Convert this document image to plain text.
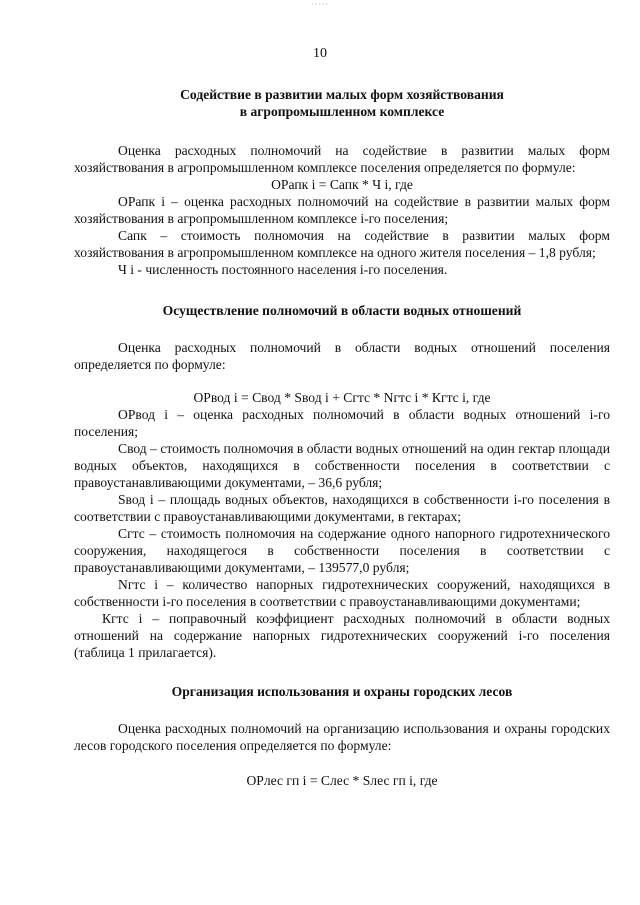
·····
10
Содействие в развитии малых форм хозяйствования
в агропромышленном комплексе

Оценка расходных полномочий на содействие в развитии малых форм хозяйствования в агропромышленном комплексе поселения определяется по формуле:

ОРапк i = Сапк * Ч i, где

ОРапк i – оценка расходных полномочий на содействие в развитии малых форм хозяйствования в агропромышленном комплексе i-го поселения;

Сапк – стоимость полномочия на содействие в развитии малых форм хозяйствования в агропромышленном комплексе на одного жителя поселения – 1,8 рубля;

Ч i - численность постоянного населения i-го поселения.

Осуществление полномочий в области водных отношений

Оценка расходных полномочий в области водных отношений поселения определяется по формуле:

ОРвод i = Свод * Sвод i + Сгтс * Nгтс i * Кгтс i, где

ОРвод i – оценка расходных полномочий в области водных отношений i-го поселения;

Свод – стоимость полномочия в области водных отношений на один гектар площади водных объектов, находящихся в собственности поселения в соответствии с правоустанавливающими документами, – 36,6 рубля;

Sвод i – площадь водных объектов, находящихся в собственности i-го поселения в соответствии с правоустанавливающими документами, в гектарах;

Сгтс – стоимость полномочия на содержание одного напорного гидротехнического сооружения, находящегося в собственности поселения в соответствии с правоустанавливающими документами, – 139577,0 рубля;

Nгтс i – количество напорных гидротехнических сооружений, находящихся в собственности i-го поселения в соответствии с правоустанавливающими документами;

Кгтс i – поправочный коэффициент расходных полномочий в области водных отношений на содержание напорных гидротехнических сооружений i-го поселения (таблица 1 прилагается).

Организация использования и охраны городских лесов

Оценка расходных полномочий на организацию использования и охраны городских лесов городского поселения определяется по формуле:

ОРлес гп i = Слес * Sлес гп i, где
